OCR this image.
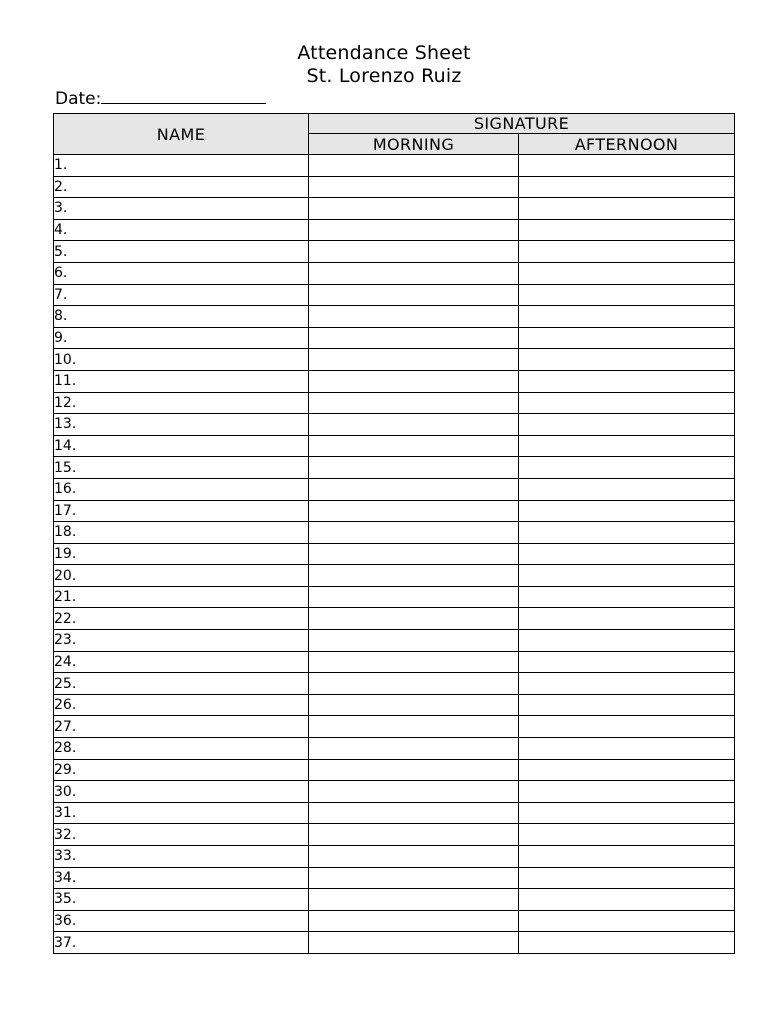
Attendance Sheet
St. Lorenzo Ruiz
Date:
NAME	SIGNATURE	
	MORNING	AFTERNOON
1.		
2.		
3.		
4.		
5.		
6.		
7.		
8.		
9.		
10.		
11.		
12.		
13.		
14.		
15.		
16.		
17.		
18.		
19.		
20.		
21.		
22.		
23.		
24.		
25.		
26.		
27.		
28.		
29.		
30.		
31.		
32.		
33.		
34.		
35.		
36.		
37.		
